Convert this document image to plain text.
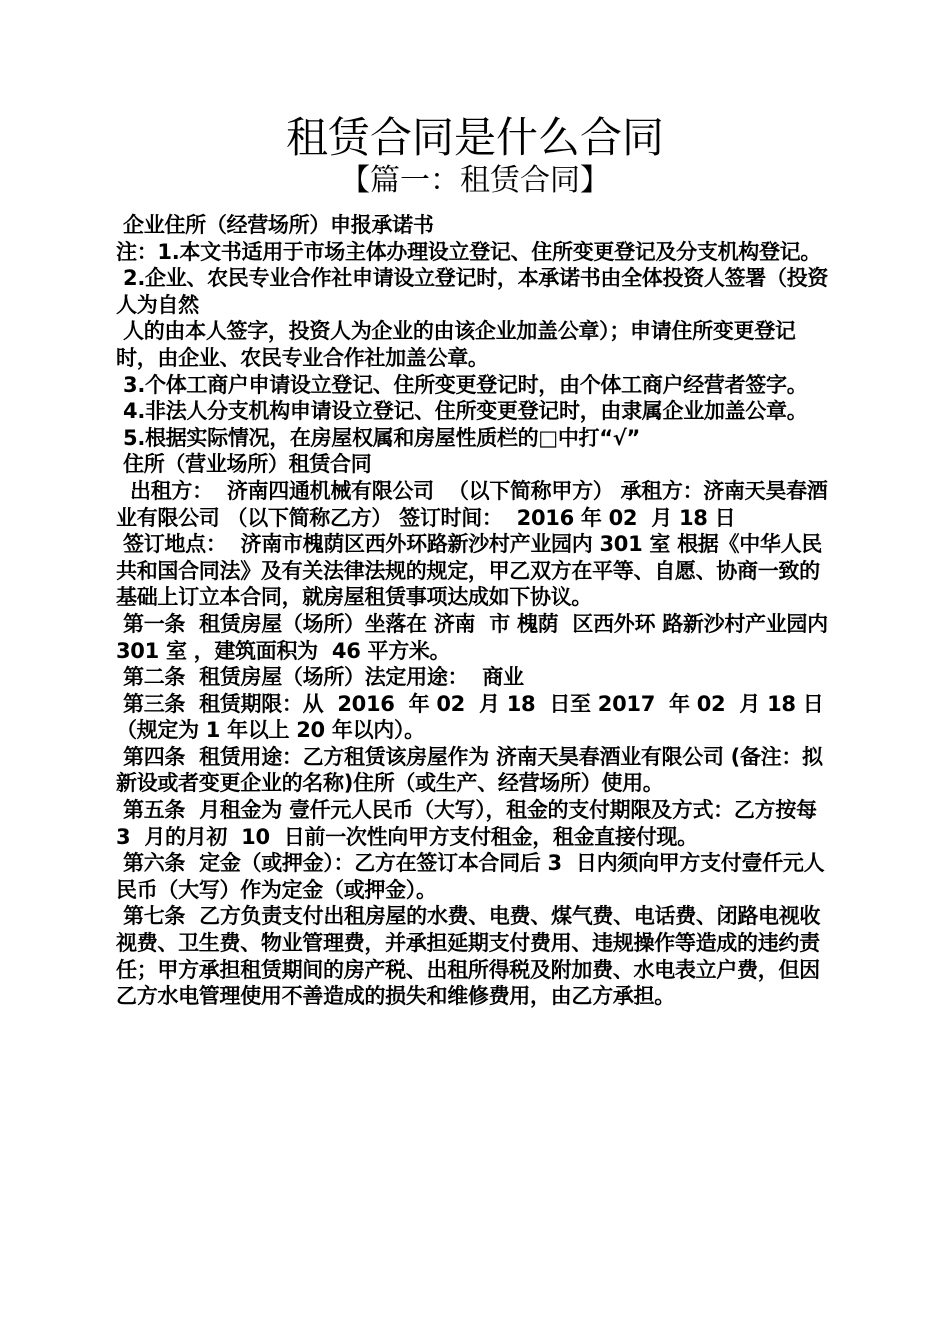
租赁合同是什么合同
【篇一：租赁合同】

企业住所（经营场所）申报承诺书

注：1.本文书适用于市场主体办理设立登记、住所变更登记及分支机构登记。

2.企业、农民专业合作社申请设立登记时，本承诺书由全体投资人签署（投资人为自然

人的由本人签字，投资人为企业的由该企业加盖公章）；申请住所变更登记时，由企业、农民专业合作社加盖公章。

3.个体工商户申请设立登记、住所变更登记时，由个体工商户经营者签字。

4.非法人分支机构申请设立登记、住所变更登记时，由隶属企业加盖公章。

5.根据实际情况，在房屋权属和房屋性质栏的□中打“√”

住所（营业场所）租赁合同

出租方：  济南四通机械有限公司  （以下简称甲方） 承租方：济南天昊春酒业有限公司 （以下简称乙方） 签订时间：  2016 年 02  月 18 日

签订地点：  济南市槐荫区西外环路新沙村产业园内 301 室 根据《中华人民共和国合同法》及有关法律法规的规定，甲乙双方在平等、自愿、协商一致的基础上订立本合同，就房屋租赁事项达成如下协议。

第一条  租赁房屋（场所）坐落在 济南  市 槐荫  区西外环 路新沙村产业园内 301 室 ，建筑面积为  46 平方米。

第二条  租赁房屋（场所）法定用途：  商业

第三条  租赁期限：从  2016  年 02  月 18  日至 2017  年 02  月 18 日（规定为 1 年以上 20 年以内）。

第四条  租赁用途：乙方租赁该房屋作为 济南天昊春酒业有限公司 (备注：拟新设或者变更企业的名称)住所（或生产、经营场所）使用。

第五条  月租金为 壹仟元人民币（大写），租金的支付期限及方式：乙方按每  3  月的月初  10  日前一次性向甲方支付租金，租金直接付现。

第六条  定金（或押金）：乙方在签订本合同后 3  日内须向甲方支付壹仟元人民币（大写）作为定金（或押金）。

第七条  乙方负责支付出租房屋的水费、电费、煤气费、电话费、闭路电视收视费、卫生费、物业管理费，并承担延期支付费用、违规操作等造成的违约责任；甲方承担租赁期间的房产税、出租所得税及附加费、水电表立户费，但因乙方水电管理使用不善造成的损失和维修费用，由乙方承担。
